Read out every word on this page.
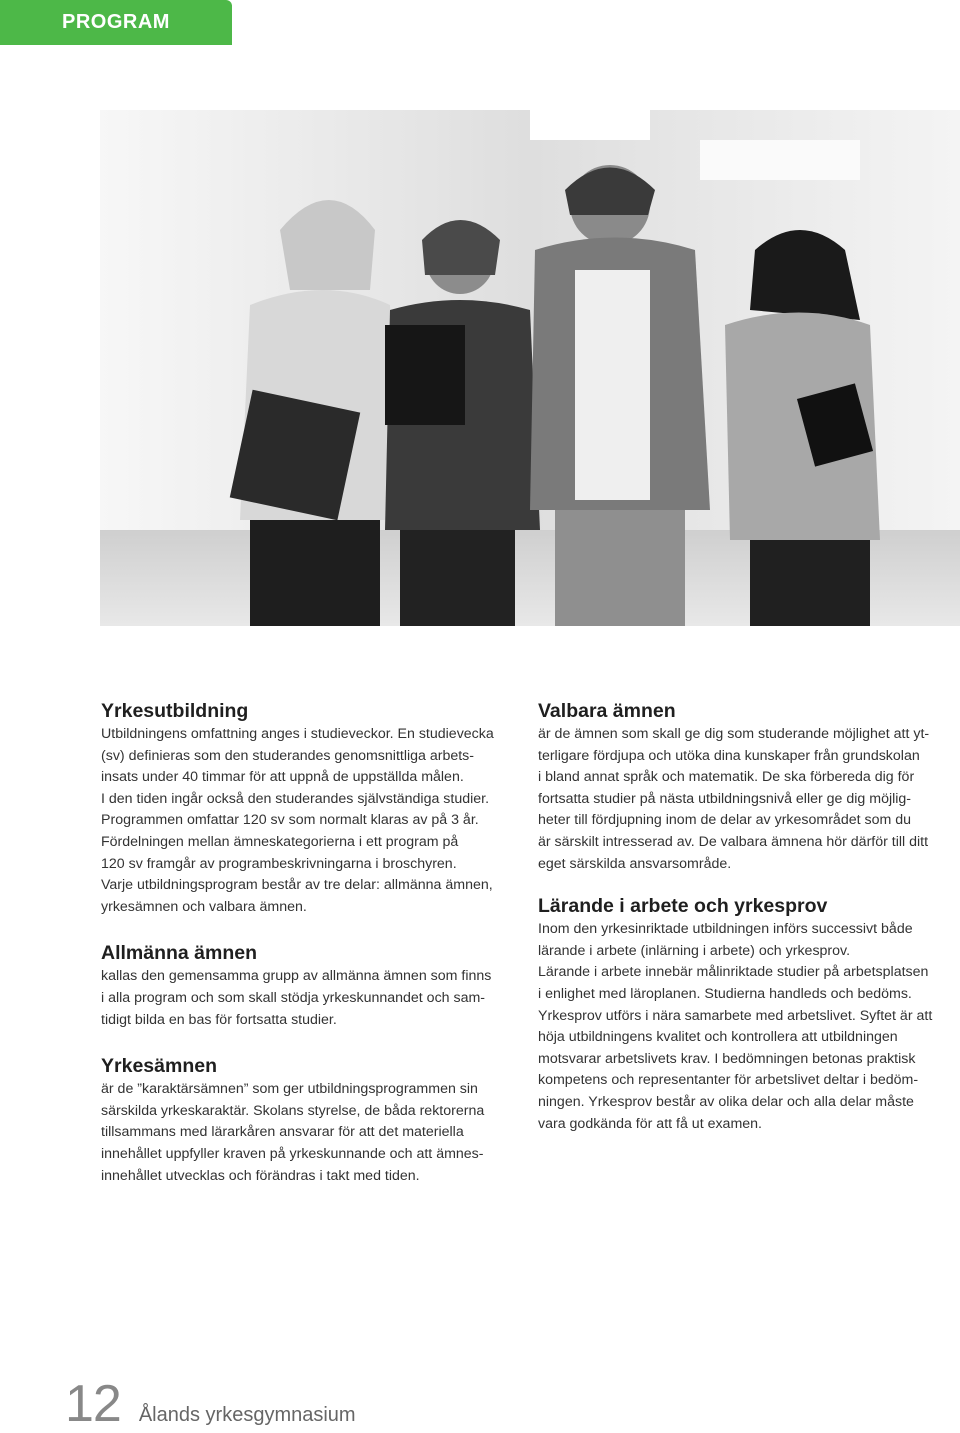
PROGRAM
Yrkesutbildning

Utbildningens omfattning anges i studieveckor. En studievecka

(sv) definieras som den studerandes genomsnittliga arbets-

insats under 40 timmar för att uppnå de uppställda målen.

I den tiden ingår också den studerandes självständiga studier.

Programmen omfattar 120 sv som normalt klaras av på 3 år.

Fördelningen mellan ämneskategorierna i ett program på

120 sv framgår av programbeskrivningarna i broschyren.

Varje utbildningsprogram består av tre delar: allmänna ämnen,

yrkesämnen och valbara ämnen.

Allmänna ämnen

kallas den gemensamma grupp av allmänna ämnen som finns

i alla program och som skall stödja yrkeskunnandet och sam-

tidigt bilda en bas för fortsatta studier.

Yrkesämnen

är de ”karaktärsämnen” som ger utbildningsprogrammen sin

särskilda yrkeskaraktär. Skolans styrelse, de båda rektorerna

tillsammans med lärarkåren ansvarar för att det materiella

innehållet uppfyller kraven på yrkeskunnande och att ämnes-

innehållet utvecklas och förändras i takt med tiden.

Valbara ämnen

är de ämnen som skall ge dig som studerande möjlighet att yt-

terligare fördjupa och utöka dina kunskaper från grundskolan

i bland annat språk och matematik. De ska förbereda dig för

fortsatta studier på nästa utbildningsnivå eller ge dig möjlig-

heter till fördjupning inom de delar av yrkesområdet som du

är särskilt intresserad av. De valbara ämnena hör därför till ditt

eget särskilda ansvarsområde.

Lärande i arbete och yrkesprov

Inom den yrkesinriktade utbildningen införs successivt både

lärande i arbete (inlärning i arbete) och yrkesprov.

Lärande i arbete innebär målinriktade studier på arbetsplatsen

i enlighet med läroplanen. Studierna handleds och bedöms.

Yrkesprov utförs i nära samarbete med arbetslivet. Syftet är att

höja utbildningens kvalitet och kontrollera att utbildningen

motsvarar arbetslivets krav. I bedömningen betonas praktisk

kompetens och representanter för arbetslivet deltar i bedöm-

ningen. Yrkesprov består av olika delar och alla delar måste

vara godkända för att få ut examen.

12 Ålands yrkesgymnasium
